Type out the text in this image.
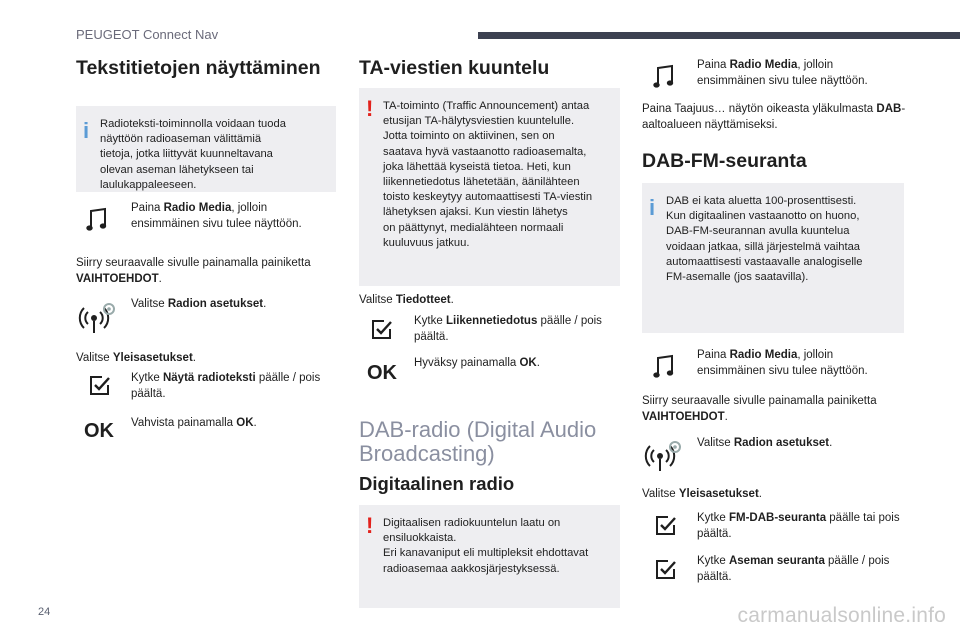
PEUGEOT Connect Nav
Tekstitietojen näyttäminen
i Radioteksti-toiminnolla voidaan tuoda
näyttöön radioaseman välittämiä
tietoja, jotka liittyvät kuunneltavana
olevan aseman lähetykseen tai
laulukappaleeseen.
Paina Radio Media, jolloin ensimmäinen sivu tulee näyttöön.
Siirry seuraavalle sivulle painamalla painiketta VAIHTOEHDOT.
Valitse Radion asetukset.
Valitse Yleisasetukset.
Kytke Näytä radioteksti päälle / pois päältä.
OK Vahvista painamalla OK.
TA-viestien kuuntelu
! TA-toiminto (Traffic Announcement) antaa
etusijan TA-hälytysviestien kuuntelulle.
Jotta toiminto on aktiivinen, sen on
saatava hyvä vastaanotto radioasemalta,
joka lähettää kyseistä tietoa. Heti, kun
liikennetiedotus lähetetään, äänilähteen
toisto keskeytyy automaattisesti TA-viestin
lähetyksen ajaksi. Kun viestin lähetys
on päättynyt, medialähteen normaali
kuuluvuus jatkuu.
Valitse Tiedotteet.
Kytke Liikennetiedotus päälle / pois päältä.
OK Hyväksy painamalla OK.
DAB-radio (Digital Audio Broadcasting)
Digitaalinen radio
! Digitaalisen radiokuuntelun laatu on
ensiluokkaista.
Eri kanavaniput eli multipleksit ehdottavat
radioasemaa aakkosjärjestyksessä.
Paina Radio Media, jolloin ensimmäinen sivu tulee näyttöön.
Paina Taajuus… näytön oikeasta yläkulmasta DAB-aaltoalueen näyttämiseksi.
DAB-FM-seuranta
i DAB ei kata aluetta 100-prosenttisesti.
Kun digitaalinen vastaanotto on huono,
DAB-FM-seurannan avulla kuuntelua
voidaan jatkaa, sillä järjestelmä vaihtaa
automaattisesti vastaavalle analogiselle
FM-asemalle (jos saatavilla).
Paina Radio Media, jolloin ensimmäinen sivu tulee näyttöön.
Siirry seuraavalle sivulle painamalla painiketta VAIHTOEHDOT.
Valitse Radion asetukset.
Valitse Yleisasetukset.
Kytke FM-DAB-seuranta päälle tai pois päältä.
Kytke Aseman seuranta päälle / pois päältä.
24	carmanualsonline.info
